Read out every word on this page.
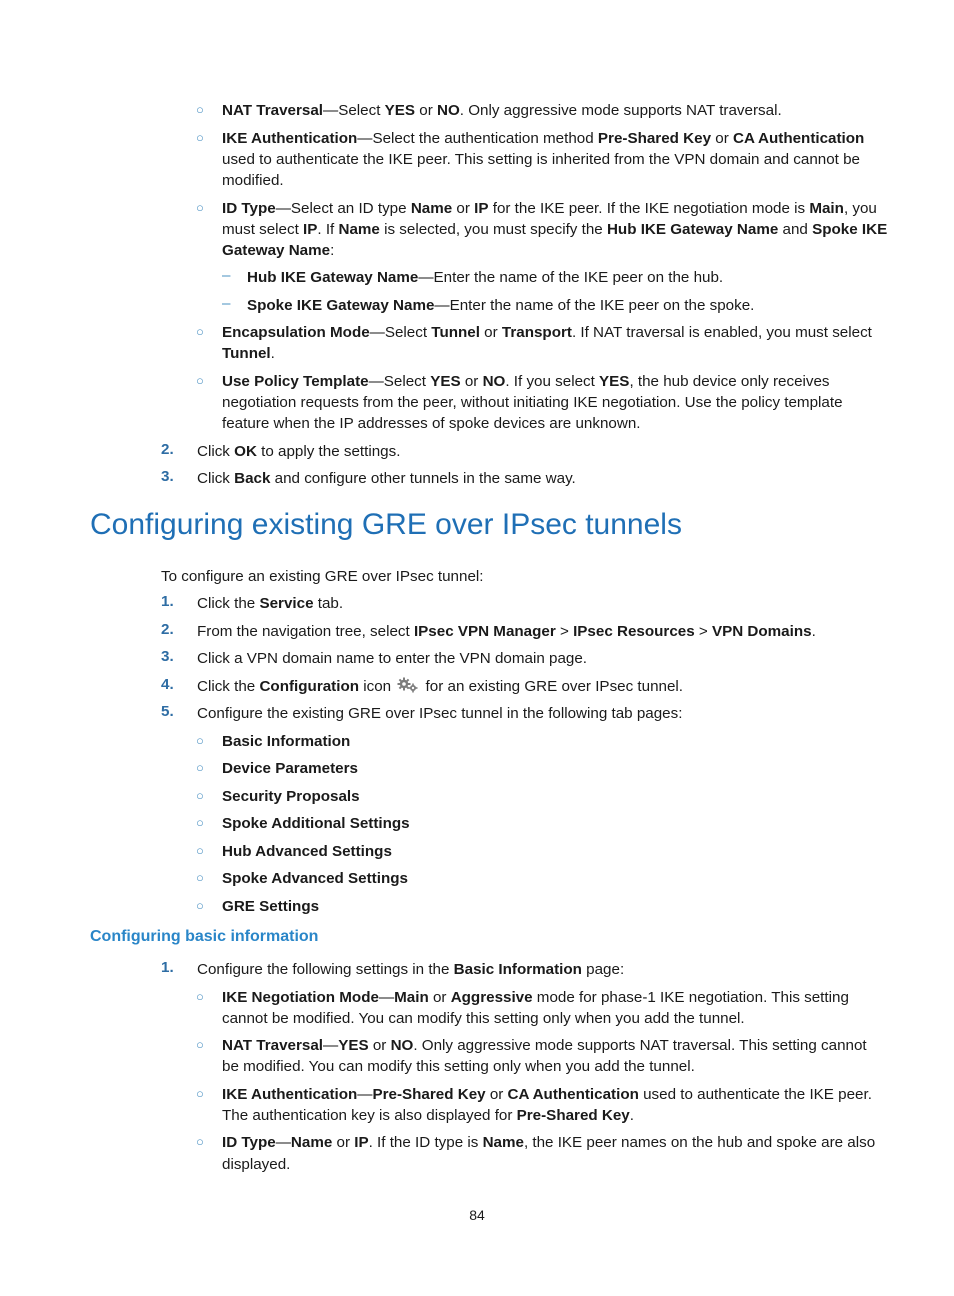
○ NAT Traversal—Select YES or NO. Only aggressive mode supports NAT traversal.
○ IKE Authentication—Select the authentication method Pre-Shared Key or CA Authentication
used to authenticate the IKE peer. This setting is inherited from the VPN domain and cannot be
modified.
○ ID Type—Select an ID type Name or IP for the IKE peer. If the IKE negotiation mode is Main, you
must select IP. If Name is selected, you must specify the Hub IKE Gateway Name and Spoke IKE
Gateway Name:
– Hub IKE Gateway Name—Enter the name of the IKE peer on the hub.
– Spoke IKE Gateway Name—Enter the name of the IKE peer on the spoke.
○ Encapsulation Mode—Select Tunnel or Transport. If NAT traversal is enabled, you must select
Tunnel.
○ Use Policy Template—Select YES or NO. If you select YES, the hub device only receives
negotiation requests from the peer, without initiating IKE negotiation. Use the policy template
feature when the IP addresses of spoke devices are unknown.
2. Click OK to apply the settings.
3. Click Back and configure other tunnels in the same way.
Configuring existing GRE over IPsec tunnels
To configure an existing GRE over IPsec tunnel:
1. Click the Service tab.
2. From the navigation tree, select IPsec VPN Manager > IPsec Resources > VPN Domains.
3. Click a VPN domain name to enter the VPN domain page.
4. Click the Configuration icon
for an existing GRE over IPsec tunnel.
5. Configure the existing GRE over IPsec tunnel in the following tab pages:
○ Basic Information
○ Device Parameters
○ Security Proposals
○ Spoke Additional Settings
○ Hub Advanced Settings
○ Spoke Advanced Settings
○ GRE Settings
Configuring basic information
1. Configure the following settings in the Basic Information page:
○ IKE Negotiation Mode—Main or Aggressive mode for phase-1 IKE negotiation. This setting
cannot be modified. You can modify this setting only when you add the tunnel.
○ NAT Traversal—YES or NO. Only aggressive mode supports NAT traversal. This setting cannot
be modified. You can modify this setting only when you add the tunnel.
○ IKE Authentication—Pre-Shared Key or CA Authentication used to authenticate the IKE peer.
The authentication key is also displayed for Pre-Shared Key.
○ ID Type—Name or IP. If the ID type is Name, the IKE peer names on the hub and spoke are also
displayed.
84
